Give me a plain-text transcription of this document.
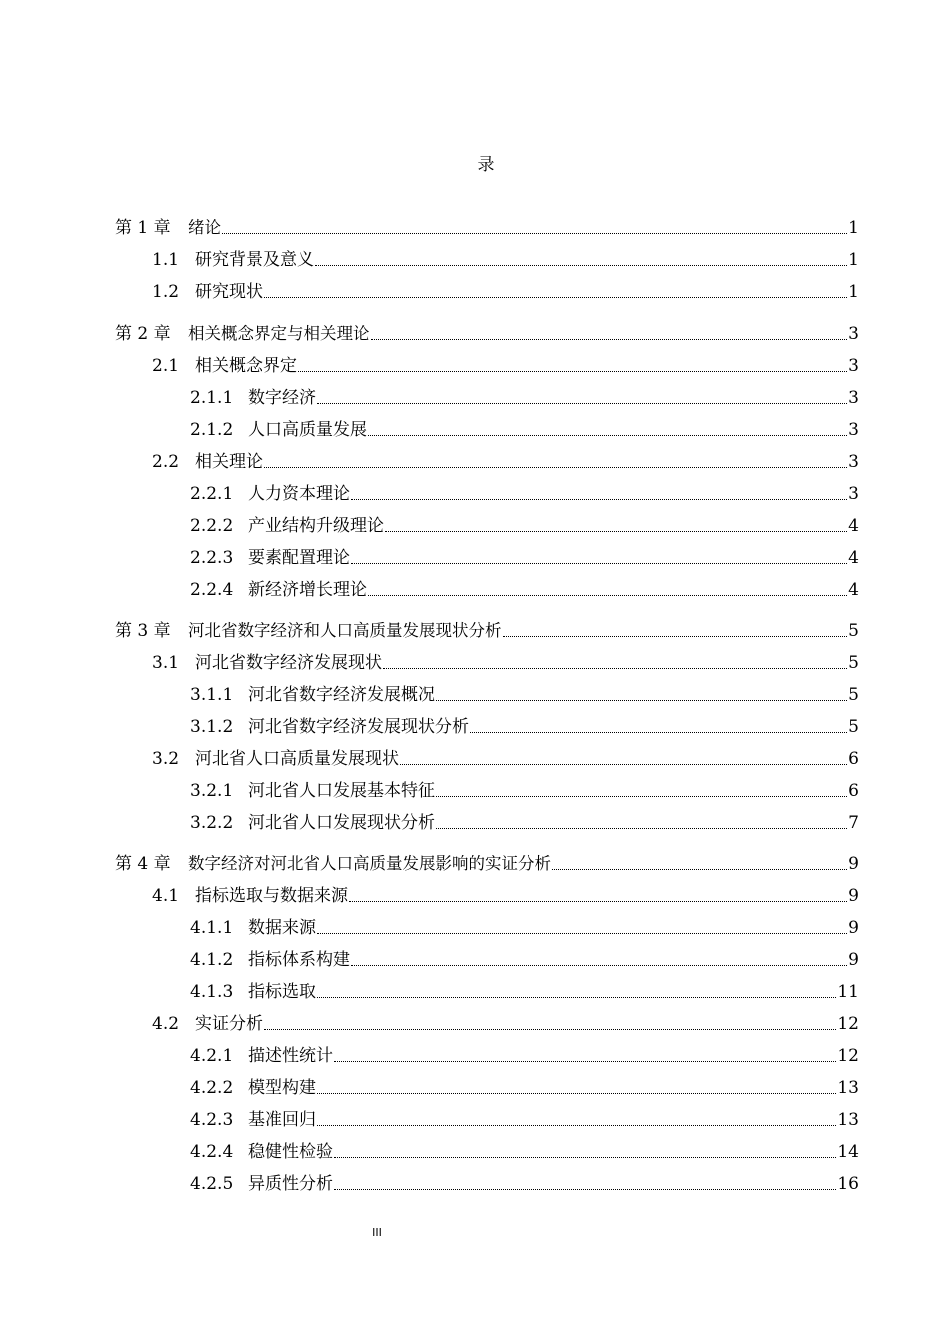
录
第 1 章 绪论	1
1.1 研究背景及意义	1
1.2 研究现状	1
第 2 章 相关概念界定与相关理论	3
2.1 相关概念界定	3
2.1.1 数字经济	3
2.1.2 人口高质量发展	3
2.2 相关理论	3
2.2.1 人力资本理论	3
2.2.2 产业结构升级理论	4
2.2.3 要素配置理论	4
2.2.4 新经济增长理论	4
第 3 章 河北省数字经济和人口高质量发展现状分析	5
3.1 河北省数字经济发展现状	5
3.1.1 河北省数字经济发展概况	5
3.1.2 河北省数字经济发展现状分析	5
3.2 河北省人口高质量发展现状	6
3.2.1 河北省人口发展基本特征	6
3.2.2 河北省人口发展现状分析	7
第 4 章 数字经济对河北省人口高质量发展影响的实证分析	9
4.1 指标选取与数据来源	9
4.1.1 数据来源	9
4.1.2 指标体系构建	9
4.1.3 指标选取	11
4.2 实证分析	12
4.2.1 描述性统计	12
4.2.2 模型构建	13
4.2.3 基准回归	13
4.2.4 稳健性检验	14
4.2.5 异质性分析	16
III
